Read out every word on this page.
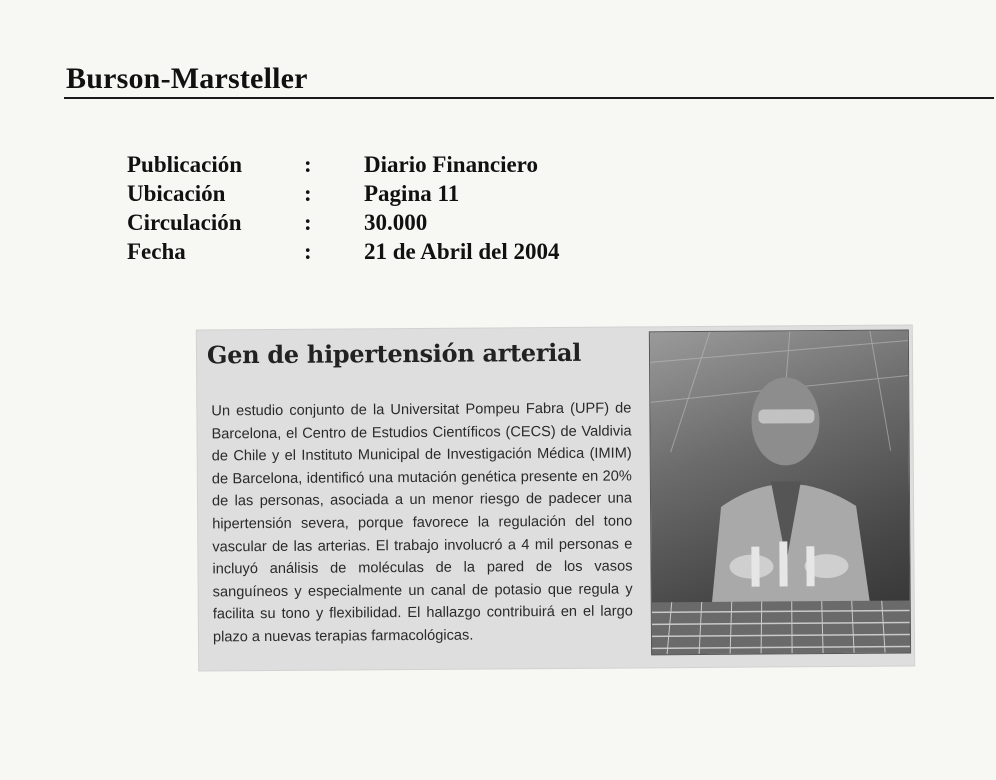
Burson-Marsteller
Publicación	: Diario Financiero
Ubicación	: Pagina 11
Circulación	: 30.000
Fecha	: 21 de Abril del 2004
Gen de hipertensión arterial
Un estudio conjunto de la Universitat Pompeu Fabra (UPF) de Barcelona, el Centro de Estudios Científicos (CECS) de Valdivia de Chile y el Instituto Municipal de Investigación Médica (IMIM) de Barcelona, identificó una mutación genética presente en 20% de las personas, asociada a un menor riesgo de padecer una hipertensión severa, porque favorece la regulación del tono vascular de las arterias. El trabajo involucró a 4 mil personas e incluyó análisis de moléculas de la pared de los vasos sanguíneos y especialmente un canal de potasio que regula y facilita su tono y flexibilidad. El hallazgo contribuirá en el largo plazo a nuevas terapias farmacológicas.
